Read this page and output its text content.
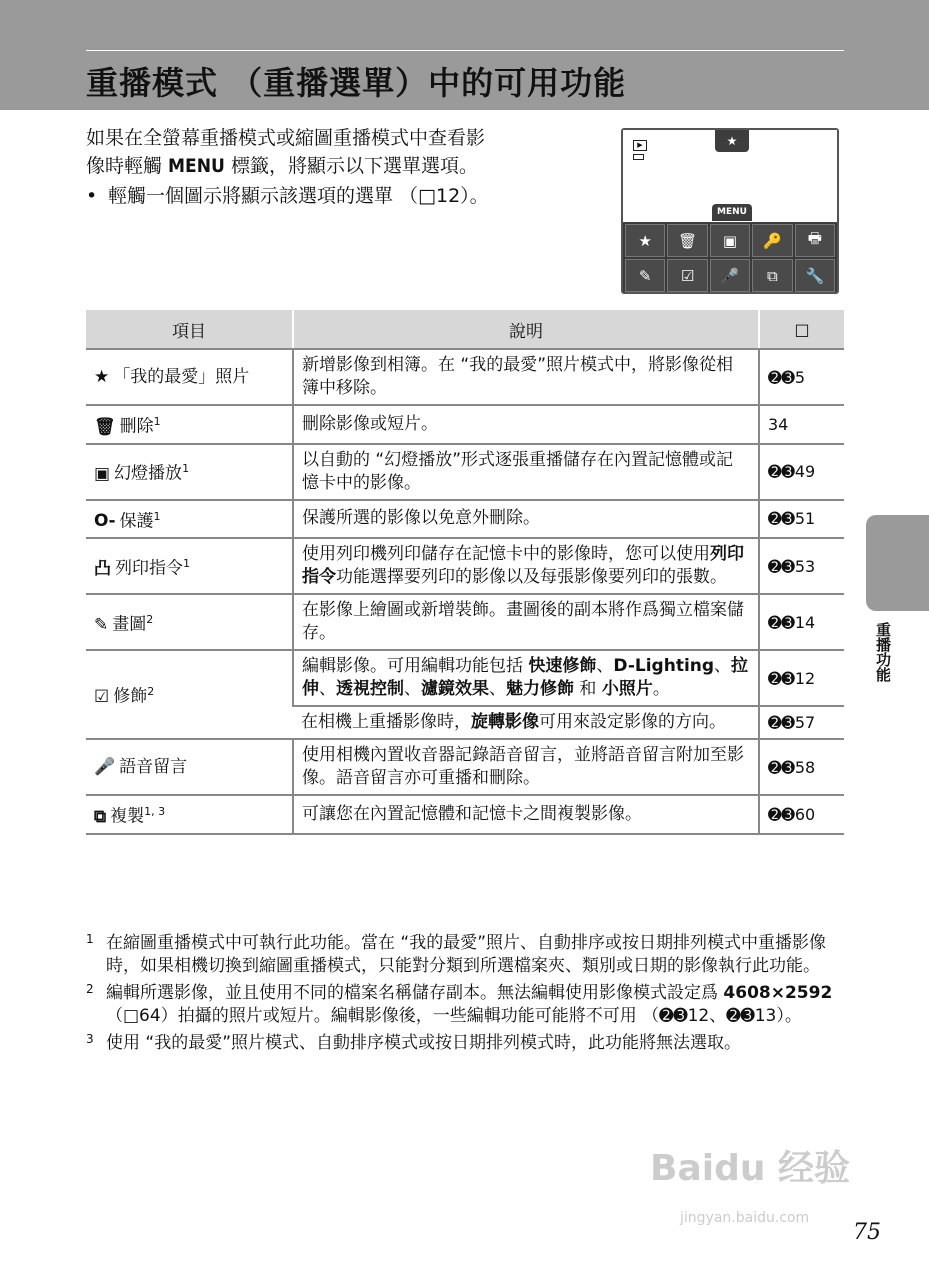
重播模式 （重播選單）中的可用功能

如果在全螢幕重播模式或縮圖重播模式中查看影

像時輕觸 MENU 標籤，將顯示以下選單選項。

• 輕觸一個圖示將顯示該選項的選單 （□12）。
▶	★
MENU
★	🗑	▣	🔑	🖶
✎	☑	🎤	⧉	🔧
項目	說明	□
★ 「我的最愛」照片	新增影像到相簿。在 “我的最愛”照片模式中，將影像從相簿中移除。	➋➌5
🗑 刪除$^1$	刪除影像或短片。	34
▣ 幻燈播放$^1$	以自動的 “幻燈播放”形式逐張重播儲存在內置記憶體或記憶卡中的影像。	➋➌49
O‑ 保護$^1$	保護所選的影像以免意外刪除。	➋➌51
凸 列印指令$^1$	使用列印機列印儲存在記憶卡中的影像時，您可以使用列印指令功能選擇要列印的影像以及每張影像要列印的張數。	➋➌53
✎ 畫圖$^2$	在影像上繪圖或新增裝飾。畫圖後的副本將作爲獨立檔案儲存。	➋➌14
☑ 修飾$^2$	編輯影像。可用編輯功能包括 快速修飾、D-Lighting、拉伸、透視控制、濾鏡效果、魅力修飾 和 小照片。	➋➌12
	在相機上重播影像時，旋轉影像可用來設定影像的方向。	➋➌57
🎤 語音留言	使用相機內置收音器記錄語音留言，並將語音留言附加至影像。語音留言亦可重播和刪除。	➋➌58
⧉ 複製$^{1, 3}$	可讓您在內置記憶體和記憶卡之間複製影像。	➋➌60
1 在縮圖重播模式中可執行此功能。當在 “我的最愛”照片、自動排序或按日期排列模式中重播影像時，如果相機切換到縮圖重播模式，只能對分類到所選檔案夾、類別或日期的影像執行此功能。
2 編輯所選影像，並且使用不同的檔案名稱儲存副本。無法編輯使用影像模式設定爲 4608×2592 （□64）拍攝的照片或短片。編輯影像後，一些編輯功能可能將不可用 （➋➌12、➋➌13）。
3 使用 “我的最愛”照片模式、自動排序模式或按日期排列模式時，此功能將無法選取。
重播功能
Baidu 经验
jingyan.baidu.com
75
